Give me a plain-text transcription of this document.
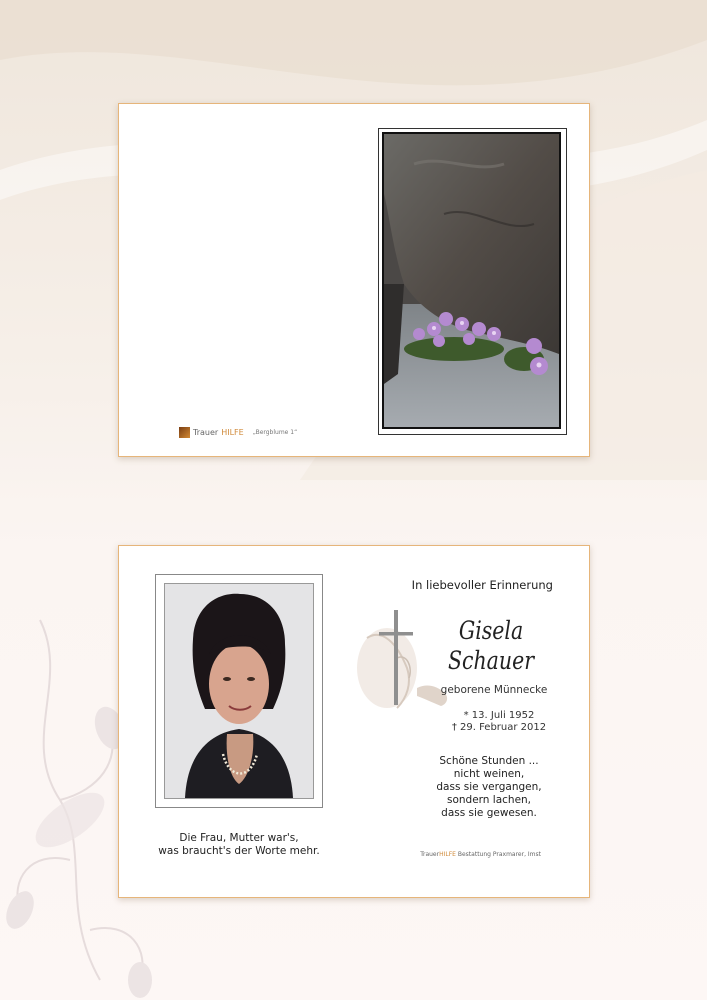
Trauer HILFE „Bergblume 1“
Die Frau, Mutter war's,
was braucht's der Worte mehr.
In liebevoller Erinnerung
Gisela
Schauer
geborene Münnecke
* 13. Juli 1952
† 29. Februar 2012
Schöne Stunden ...
nicht weinen,
dass sie vergangen,
sondern lachen,
dass sie gewesen.
TrauerHILFE Bestattung Praxmarer, Imst
